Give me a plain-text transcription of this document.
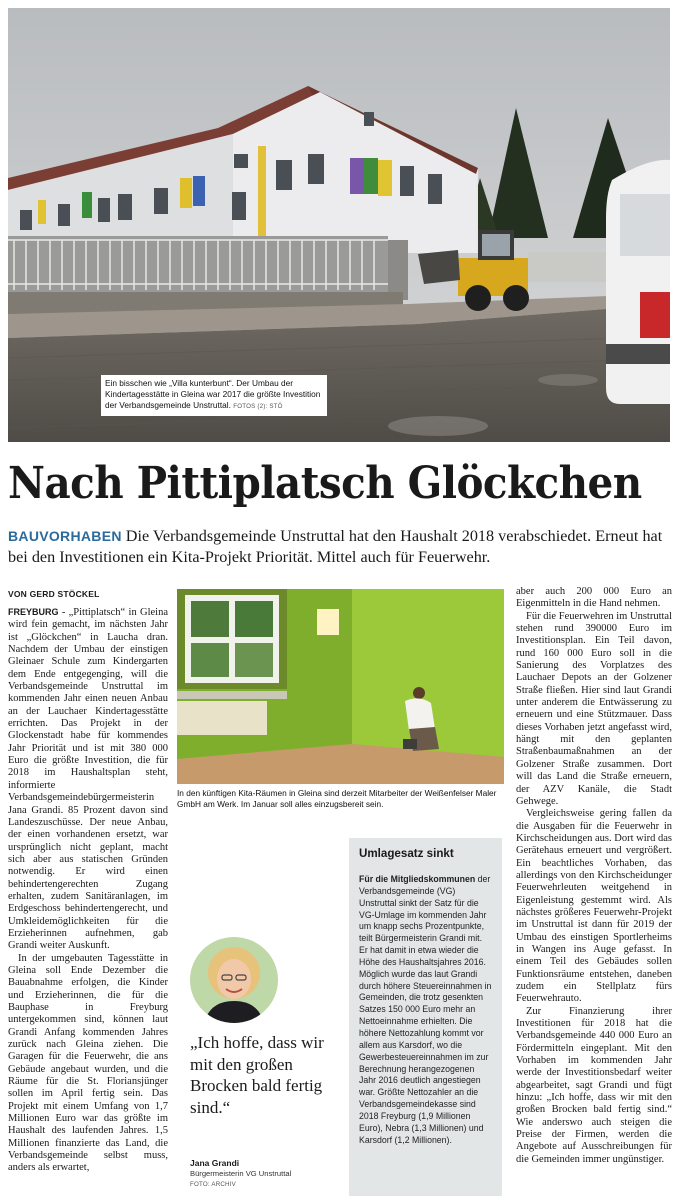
Ein bisschen wie „Villa kunterbunt“. Der Umbau der Kindertagesstätte in Gleina war 2017 die größte Investition der Verbandsgemeinde Unstruttal. FOTOS (2): STÖ
Nach Pittiplatsch Glöckchen
BAUVORHABEN Die Verbandsgemeinde Unstruttal hat den Haushalt 2018 verabschiedet. Erneut hat bei den Investitionen ein Kita-Projekt Priorität. Mittel auch für Feuerwehr.
VON GERD STÖCKEL

FREYBURG - „Pittiplatsch“ in Gleina wird fein gemacht, im nächsten Jahr ist „Glöckchen“ in Laucha dran. Nachdem der Umbau der einstigen Gleinaer Schule zum Kindergarten dem Ende entgegenging, will die Verbandsgemeinde Unstruttal im kommenden Jahr einen neuen Anbau an der Lauchaer Kindertagesstätte errichten. Das Projekt in der Glockenstadt habe für kommendes Jahr Priorität und ist mit 380 000 Euro die größte Investition, die für 2018 im Haushaltsplan steht, informierte Verbandsgemeindebürgermeisterin Jana Grandi. 85 Prozent davon sind Landeszuschüsse. Der neue Anbau, der einen vorhandenen ersetzt, war ursprünglich nicht geplant, macht sich aber aus statischen Gründen notwendig. Er wird einen behindertengerechten Zugang erhalten, zudem Sanitäranlagen, im Erdgeschoss behindertengerecht, und Umkleidemöglichkeiten für die Erzieherinnen aufnehmen, gab Grandi weiter Auskunft.

In der umgebauten Tagesstätte in Gleina soll Ende Dezember die Bauabnahme erfolgen, die Kinder und Erzieherinnen, die für die Bauphase in Freyburg untergekommen sind, können laut Grandi Anfang kommenden Jahres zurück nach Gleina ziehen. Die Garagen für die Feuerwehr, die ans Gebäude angebaut wurden, und die Räume für die St. Floriansjünger sollen im April fertig sein. Das Projekt mit einem Umfang von 1,7 Millionen Euro war das größte im Haushalt des laufenden Jahres. 1,5 Millionen finanzierte das Land, die Verbandsgemeinde selbst muss, anders als erwartet,

In den künftigen Kita-Räumen in Gleina sind derzeit Mitarbeiter der Weißenfelser Maler GmbH am Werk. Im Januar soll alles einzugsbereit sein.
Umlagesatz sinkt
Für die Mitgliedskommunen der Verbandsgemeinde (VG) Unstruttal sinkt der Satz für die VG-Umlage im kommenden Jahr um knapp sechs Prozentpunkte, teilt Bürgermeisterin Grandi mit. Er hat damit in etwa wieder die Höhe des Haushaltsjahres 2016. Möglich wurde das laut Grandi durch höhere Steuereinnahmen in Gemeinden, die trotz gesenkten Satzes 150 000 Euro mehr an Nettoeinnahme erhielten. Die höhere Nettozahlung kommt vor allem aus Karsdorf, wo die Gewerbesteuereinnahmen im zur Berechnung herangezogenen Jahr 2016 deutlich angestiegen war. Größte Nettozahler an die Verbandsgemeindekasse sind 2018 Freyburg (1,9 Millionen Euro), Nebra (1,3 Millionen) und Karsdorf (1,2 Millionen).
„Ich hoffe, dass wir mit den großen Brocken bald fertig sind.“
Jana Grandi
Bürgermeisterin VG Unstruttal
FOTO: ARCHIV

aber auch 200 000 Euro an Eigenmitteln in die Hand nehmen.

Für die Feuerwehren im Unstruttal stehen rund 390000 Euro im Investitionsplan. Ein Teil davon, rund 160 000 Euro soll in die Sanierung des Vorplatzes des Lauchaer Depots an der Golzener Straße fließen. Hier sind laut Grandi unter anderem die Entwässerung zu erneuern und eine Stützmauer. Dass dieses Vorhaben jetzt angefasst wird, hängt mit den geplanten Straßenbaumaßnahmen an der Golzener Straße zusammen. Dort will das Land die Straße erneuern, der AZV Kanäle, die Stadt Gehwege.

Vergleichsweise gering fallen da die Ausgaben für die Feuerwehr in Kirchscheidungen aus. Dort wird das Gerätehaus erneuert und vergrößert. Ein beachtliches Vorhaben, das allerdings von den Kirchscheidunger Feuerwehrleuten weitgehend in Eigenleistung gestemmt wird. Als nächstes größeres Feuerwehr-Projekt im Unstruttal ist dann für 2019 der Umbau des einstigen Sportlerheims in Wangen ins Auge gefasst. In einem Teil des Gebäudes sollen Funktionsräume entstehen, daneben zudem ein Stellplatz fürs Feuerwehrauto.

Zur Finanzierung ihrer Investitionen für 2018 hat die Verbandsgemeinde 440 000 Euro an Fördermitteln eingeplant. Mit den Vorhaben im kommenden Jahr werde der Investitionsbedarf weiter abgearbeitet, sagt Grandi und fügt hinzu: „Ich hoffe, dass wir mit den großen Brocken bald fertig sind.“ Wie anderswo auch steigen die Preise der Firmen, werden die Angebote auf Ausschreibungen für die Gemeinden immer ungünstiger.
